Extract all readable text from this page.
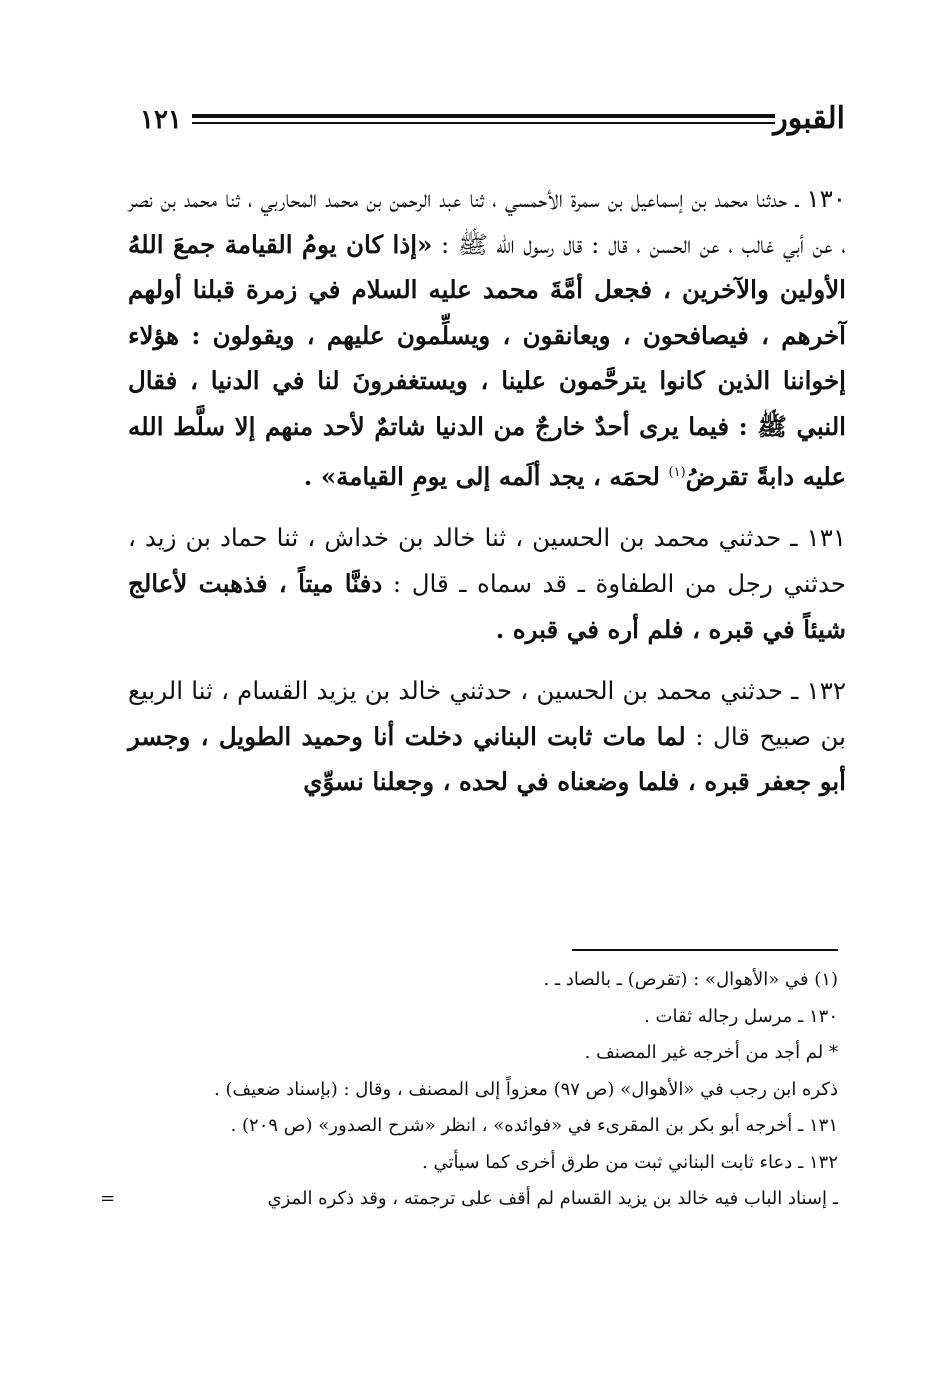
١٢١	القبور

١٣٠ ـ حدثنا محمد بن إسماعيل بن سمرة الأحمسي ، ثنا عبد الرحمن بن محمد المحاربي ، ثنا محمد بن نصر ، عن أبي غالب ، عن الحسن ، قال : قال رسول الله ﷺ : «إذا كان يومُ القيامة جمعَ اللهُ الأولين والآخرين ، فجعل أمَّةَ محمد عليه السلام في زمرة قبلنا أولهم آخرهم ، فيصافحون ، ويعانقون ، ويسلِّمون عليهم ، ويقولون : هؤلاء إخواننا الذين كانوا يترحَّمون علينا ، ويستغفرونَ لنا في الدنيا ، فقال النبي ﷺ : فيما يرى أحدٌ خارجٌ من الدنيا شاتمٌ لأحد منهم إلا سلَّط الله عليه دابةً تقرضُ$^{(١)}$ لحمَه ، يجد ألَمه إلى يومِ القيامة» .

١٣١ ـ حدثني محمد بن الحسين ، ثنا خالد بن خداش ، ثنا حماد بن زيد ، حدثني رجل من الطفاوة ـ قد سماه ـ قال : دفنَّا ميتاً ، فذهبت لأعالج شيئاً في قبره ، فلم أره في قبره .

١٣٢ ـ حدثني محمد بن الحسين ، حدثني خالد بن يزيد القسام ، ثنا الربيع بن صبيح قال : لما مات ثابت البناني دخلت أنا وحميد الطويل ، وجسر أبو جعفر قبره ، فلما وضعناه في لحده ، وجعلنا نسوِّي

(١) في «الأهوال» : (تقرص) ـ بالصاد ـ .

١٣٠ ـ مرسل رجاله ثقات .

* لم أجد من أخرجه غير المصنف .

ذكره ابن رجب في «الأهوال» (ص ٩٧) معزواً إلى المصنف ، وقال : (بإسناد ضعيف) .

١٣١ ـ أخرجه أبو بكر بن المقرىء في «فوائده» ، انظر «شرح الصدور» (ص ٢٠٩) .

١٣٢ ـ دعاء ثابت البناني ثبت من طرق أخرى كما سيأتي .

ـ إسناد الباب فيه خالد بن يزيد القسام لم أقف على ترجمته ، وقد ذكره المزي
=
